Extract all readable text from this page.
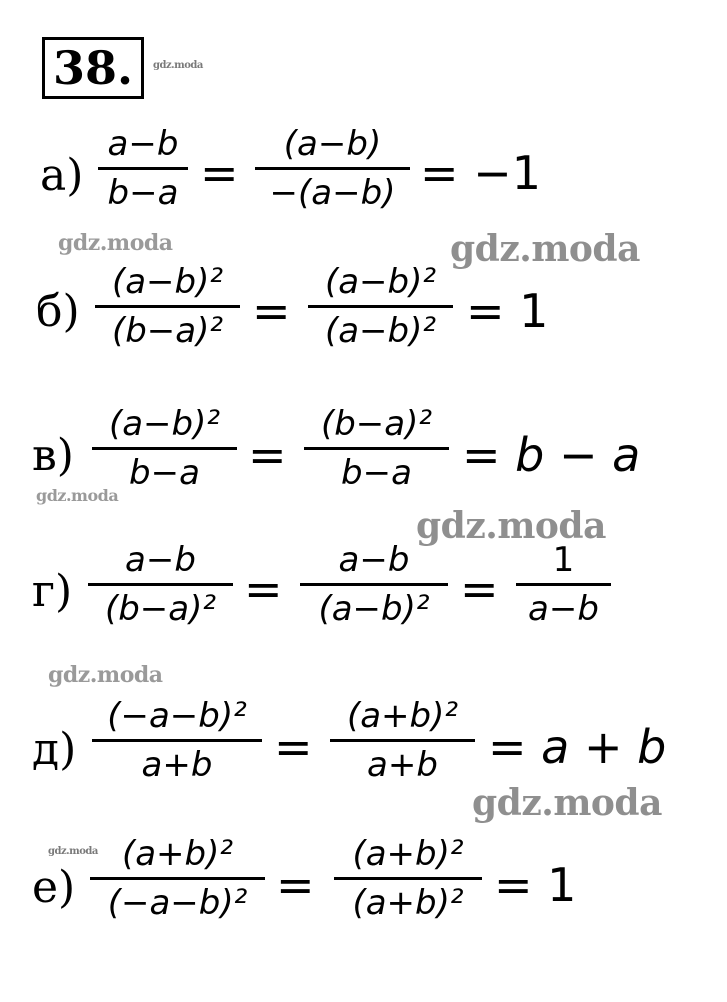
38.	gdz.moda
gdz.moda	gdz.moda
gdz.moda
gdz.moda
gdz.moda
gdz.moda
gdz.moda
а)
a−b
b−a =
(a−b)
−(a−b) = −1
б)
(a−b)²
(b−a)² =
(a−b)²
(a−b)² = 1
в)
(a−b)²
b−a	=
(b−a)²
b−a	= b − a
г)
a−b
(b−a)² =
a−b
(a−b)² =
1
a−b
д)
(−a−b)²
a+b	=
(a+b)²
a+b	= a + b
е)
(a+b)²
(−a−b)² =
(a+b)²
(a+b)² = 1
